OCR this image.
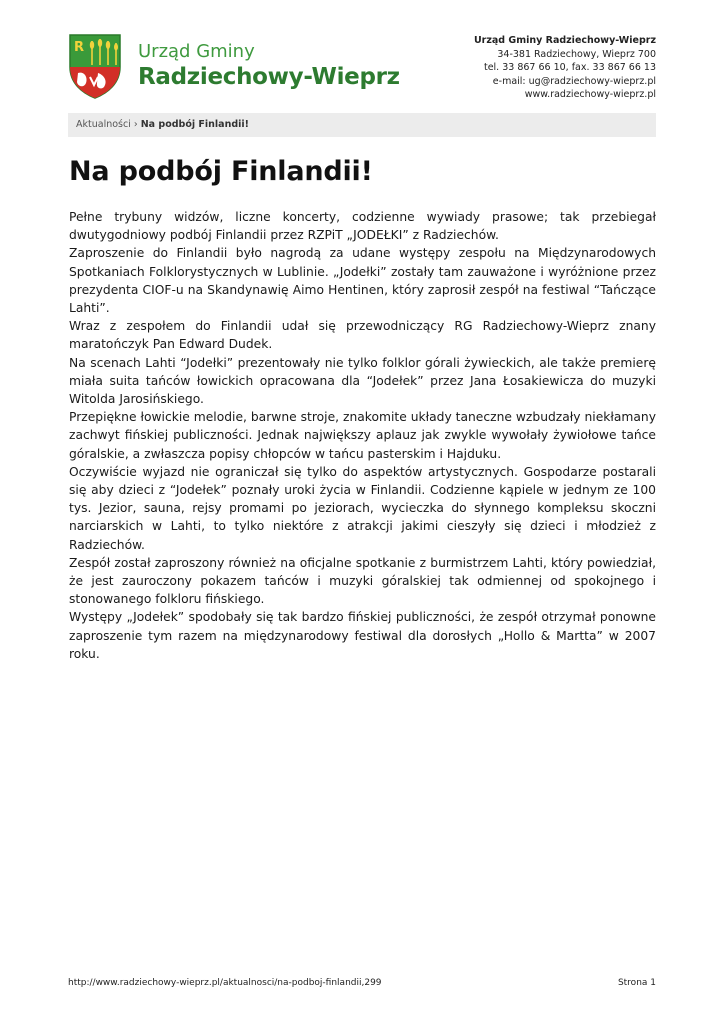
R	Urząd Gminy
Radziechowy-Wieprz
Urząd Gminy Radziechowy-Wieprz
34-381 Radziechowy, Wieprz 700
tel. 33 867 66 10, fax. 33 867 66 13
e-mail: ug@radziechowy-wieprz.pl
www.radziechowy-wieprz.pl
Aktualności › Na podbój Finlandii!
Na podbój Finlandii!

Pełne trybuny widzów, liczne koncerty, codzienne wywiady prasowe; tak przebiegał dwutygodniowy podbój Finlandii przez RZPiT „JODEŁKI” z Radziechów.

Zaproszenie do Finlandii było nagrodą za udane występy zespołu na Międzynarodowych Spotkaniach Folklorystycznych w Lublinie. „Jodełki” zostały tam zauważone i wyróżnione przez prezydenta CIOF-u na Skandynawię Aimo Hentinen, który zaprosił zespół na festiwal “Tańczące Lahti”.

Wraz z zespołem do Finlandii udał się przewodniczący RG Radziechowy-Wieprz znany maratończyk Pan Edward Dudek.

Na scenach Lahti “Jodełki” prezentowały nie tylko folklor górali żywieckich, ale także premierę miała suita tańców łowickich opracowana dla “Jodełek” przez Jana Łosakiewicza do muzyki Witolda Jarosińskiego.

Przepiękne łowickie melodie, barwne stroje, znakomite układy taneczne wzbudzały niekłamany zachwyt fińskiej publiczności. Jednak największy aplauz jak zwykle wywołały żywiołowe tańce góralskie, a zwłaszcza popisy chłopców w tańcu pasterskim i Hajduku.

Oczywiście wyjazd nie ograniczał się tylko do aspektów artystycznych. Gospodarze postarali się aby dzieci z “Jodełek” poznały uroki życia w Finlandii. Codzienne kąpiele w jednym ze 100 tys. Jezior, sauna, rejsy promami po jeziorach, wycieczka do słynnego kompleksu skoczni narciarskich w Lahti, to tylko niektóre z atrakcji jakimi cieszyły się dzieci i młodzież z Radziechów.

Zespół został zaproszony również na oficjalne spotkanie z burmistrzem Lahti, który powiedział, że jest zauroczony pokazem tańców i muzyki góralskiej tak odmiennej od spokojnego i stonowanego folkloru fińskiego.

Występy „Jodełek” spodobały się tak bardzo fińskiej publiczności, że zespół otrzymał ponowne zaproszenie tym razem na międzynarodowy festiwal dla dorosłych „Hollo & Martta” w 2007 roku.

http://www.radziechowy-wieprz.pl/aktualnosci/na-podboj-finlandii,299	Strona 1
